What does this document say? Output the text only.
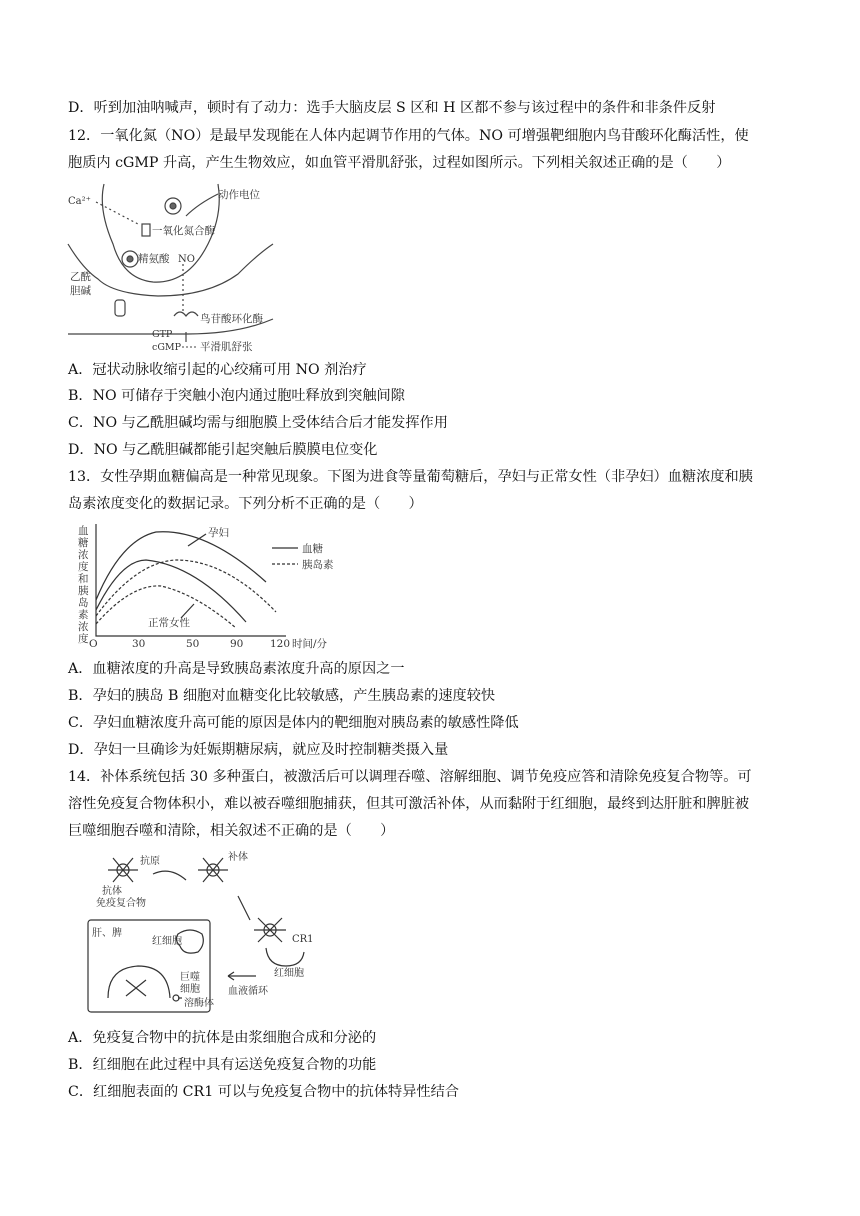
D．听到加油呐喊声，顿时有了动力：选手大脑皮层 S 区和 H 区都不参与该过程中的条件和非条件反射
12．一氧化氮（NO）是最早发现能在人体内起调节作用的气体。NO 可增强靶细胞内鸟苷酸环化酶活性，使
胞质内 cGMP 升高，产生生物效应，如血管平滑肌舒张，过程如图所示。下列相关叙述正确的是（　　）
Ca²⁺
动作电位
一氧化氮合酶
精氨酸 NO
乙酰
胆碱
鸟苷酸环化酶
GTP
cGMP 平滑肌舒张
A．冠状动脉收缩引起的心绞痛可用 NO 剂治疗
B．NO 可储存于突触小泡内通过胞吐释放到突触间隙
C．NO 与乙酰胆碱均需与细胞膜上受体结合后才能发挥作用
D．NO 与乙酰胆碱都能引起突触后膜膜电位变化
13．女性孕期血糖偏高是一种常见现象。下图为进食等量葡萄糖后，孕妇与正常女性（非孕妇）血糖浓度和胰
岛素浓度变化的数据记录。下列分析不正确的是（　　）
血
糖
浓
度
和
胰
岛
素
浓
度
孕妇
正常女性
血糖
胰岛素
O	30	50	90	120 时间/分
A．血糖浓度的升高是导致胰岛素浓度升高的原因之一
B．孕妇的胰岛 B 细胞对血糖变化比较敏感，产生胰岛素的速度较快
C．孕妇血糖浓度升高可能的原因是体内的靶细胞对胰岛素的敏感性降低
D．孕妇一旦确诊为妊娠期糖尿病，就应及时控制糖类摄入量
14．补体系统包括 30 多种蛋白，被激活后可以调理吞噬、溶解细胞、调节免疫应答和清除免疫复合物等。可
溶性免疫复合物体积小，难以被吞噬细胞捕获，但其可激活补体，从而黏附于红细胞，最终到达肝脏和脾脏被
巨噬细胞吞噬和清除，相关叙述不正确的是（　　）
抗原	补体
抗体
免疫复合物
肝、脾
红细胞	CR1
红细胞
巨噬
细胞
溶酶体
血液循环
A．免疫复合物中的抗体是由浆细胞合成和分泌的
B．红细胞在此过程中具有运送免疫复合物的功能
C．红细胞表面的 CR1 可以与免疫复合物中的抗体特异性结合
